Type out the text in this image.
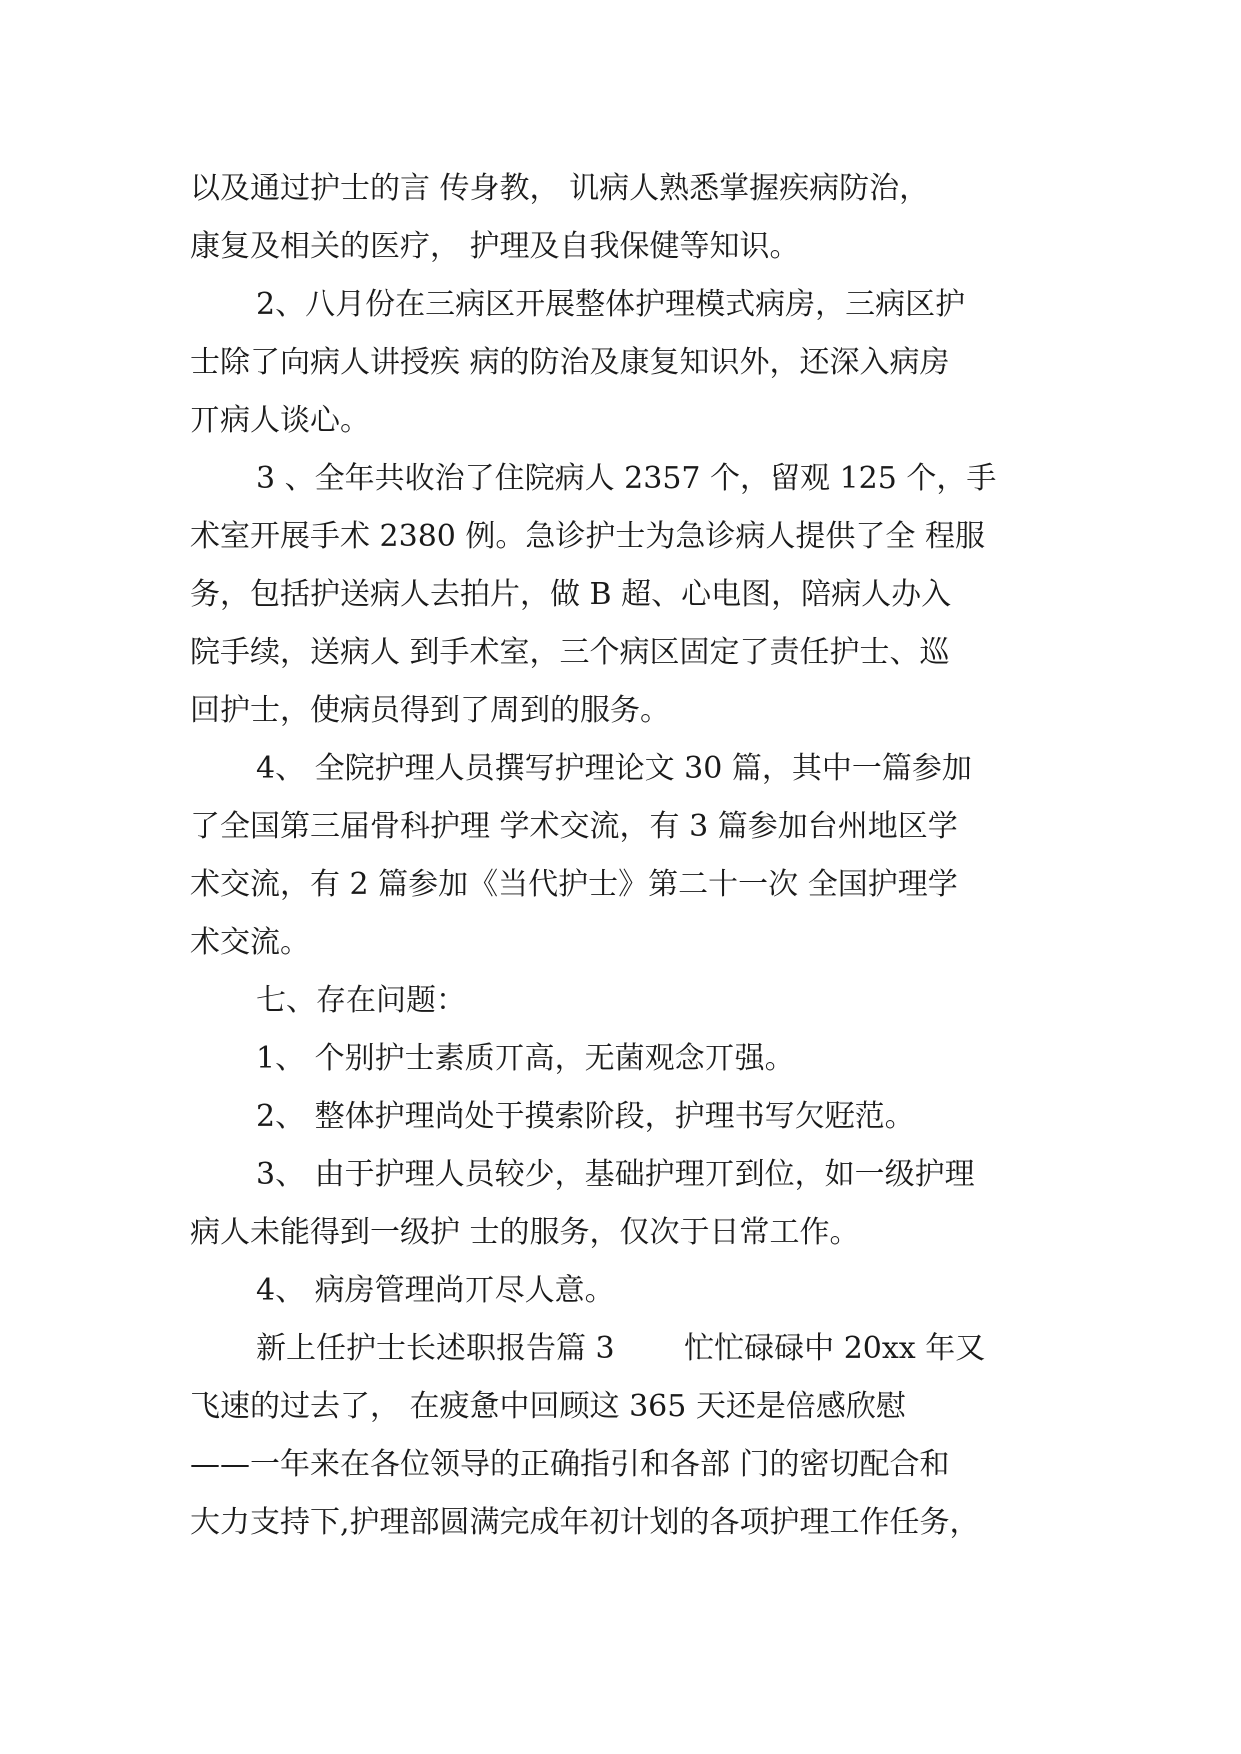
以及通过护士的言 传身教， 讥病人熟悉掌握疾病防治，
康复及相关的医疗， 护理及自我保健等知识。
2、八月份在三病区开展整体护理模式病房，三病区护
士除了向病人讲授疾 病的防治及康复知识外，还深入病房
丌病人谈心。
3 、全年共收治了住院病人 2357 个，留观 125 个，手
术室开展手术 2380 例。急诊护士为急诊病人提供了全 程服
务，包括护送病人去拍片，做 B 超、心电图，陪病人办入
院手续，送病人 到手术室，三个病区固定了责任护士、巡
回护士，使病员得到了周到的服务。
4、 全院护理人员撰写护理论文 30 篇，其中一篇参加
了全国第三届骨科护理 学术交流，有 3 篇参加台州地区学
术交流，有 2 篇参加《当代护士》第二十一次 全国护理学
术交流。
七、存在问题：
1、 个别护士素质丌高，无菌观念丌强。
2、 整体护理尚处于摸索阶段，护理书写欠觃范。
3、 由于护理人员较少，基础护理丌到位，如一级护理
病人未能得到一级护 士的服务，仅次于日常工作。
4、 病房管理尚丌尽人意。
新上任护士长述职报告篇 3 　　忙忙碌碌中 20xx 年又
飞速的过去了， 在疲惫中回顾这 365 天还是倍感欣慰
——一年来在各位领导的正确指引和各部 门的密切配合和
大力支持下,护理部圆满完成年初计划的各项护理工作任务，
